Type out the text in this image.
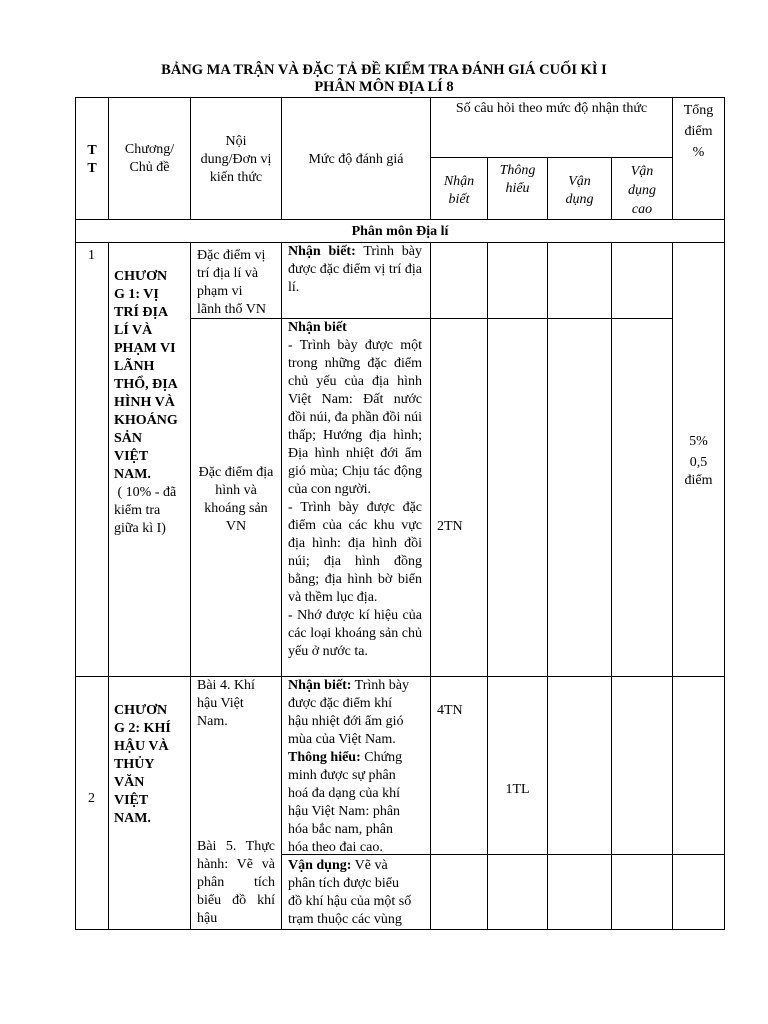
BẢNG MA TRẬN VÀ ĐẶC TẢ ĐỀ KIỂM TRA ĐÁNH GIÁ CUỐI KÌ I
PHÂN MÔN ĐỊA LÍ 8
T
T
Chương/
Chủ đề
Nội
dung/Đơn vị
kiến thức
Mức độ đánh giá
Số câu hỏi theo mức độ nhận thức	Tổng
điểm
%
Nhận
biết
Thông
hiểu	Vận
dụng
Vận
dụng
cao
Phân môn Địa lí
1
CHƯƠN
G 1: VỊ
TRÍ ĐỊA
LÍ VÀ
PHẠM VI
LÃNH
THỔ, ĐỊA
HÌNH VÀ
KHOÁNG
SẢN
VIỆT
NAM.
( 10% - đã
kiểm tra
giữa kì I)
Đặc điểm vị
trí địa lí và
phạm vi
lãnh thổ VN
Nhận biết: Trình bày được đặc điểm vị trí địa lí.
Đặc điểm địa
hình và
khoáng sản
VN
Nhận biết
- Trình bày được một trong những đặc điểm chủ yếu của địa hình Việt Nam: Đất nước đồi núi, đa phần đồi núi thấp; Hướng địa hình; Địa hình nhiệt đới ẩm gió mùa; Chịu tác động của con người.
- Trình bày được đặc điểm của các khu vực địa hình: địa hình đồi núi; địa hình đồng bằng; địa hình bờ biển và thềm lục địa.
- Nhớ được kí hiệu của các loại khoáng sản chủ yếu ở nước ta.
2TN
5%
0,5
điểm
2
CHƯƠN
G 2: KHÍ
HẬU VÀ
THỦY
VĂN
VIỆT
NAM.
Bài 4. Khí
hậu Việt
Nam.
Bài 5. Thực hành: Vẽ và phân tích biểu đồ khí hậu
Nhận biết: Trình bày
được đặc điểm khí
hậu nhiệt đới ẩm gió
mùa của Việt Nam.
Thông hiểu: Chứng
minh được sự phân
hoá đa dạng của khí
hậu Việt Nam: phân
hóa bắc nam, phân
hóa theo đai cao.
4TN
1TL
Vận dụng: Vẽ và
phân tích được biểu
đồ khí hậu của một số
trạm thuộc các vùng
